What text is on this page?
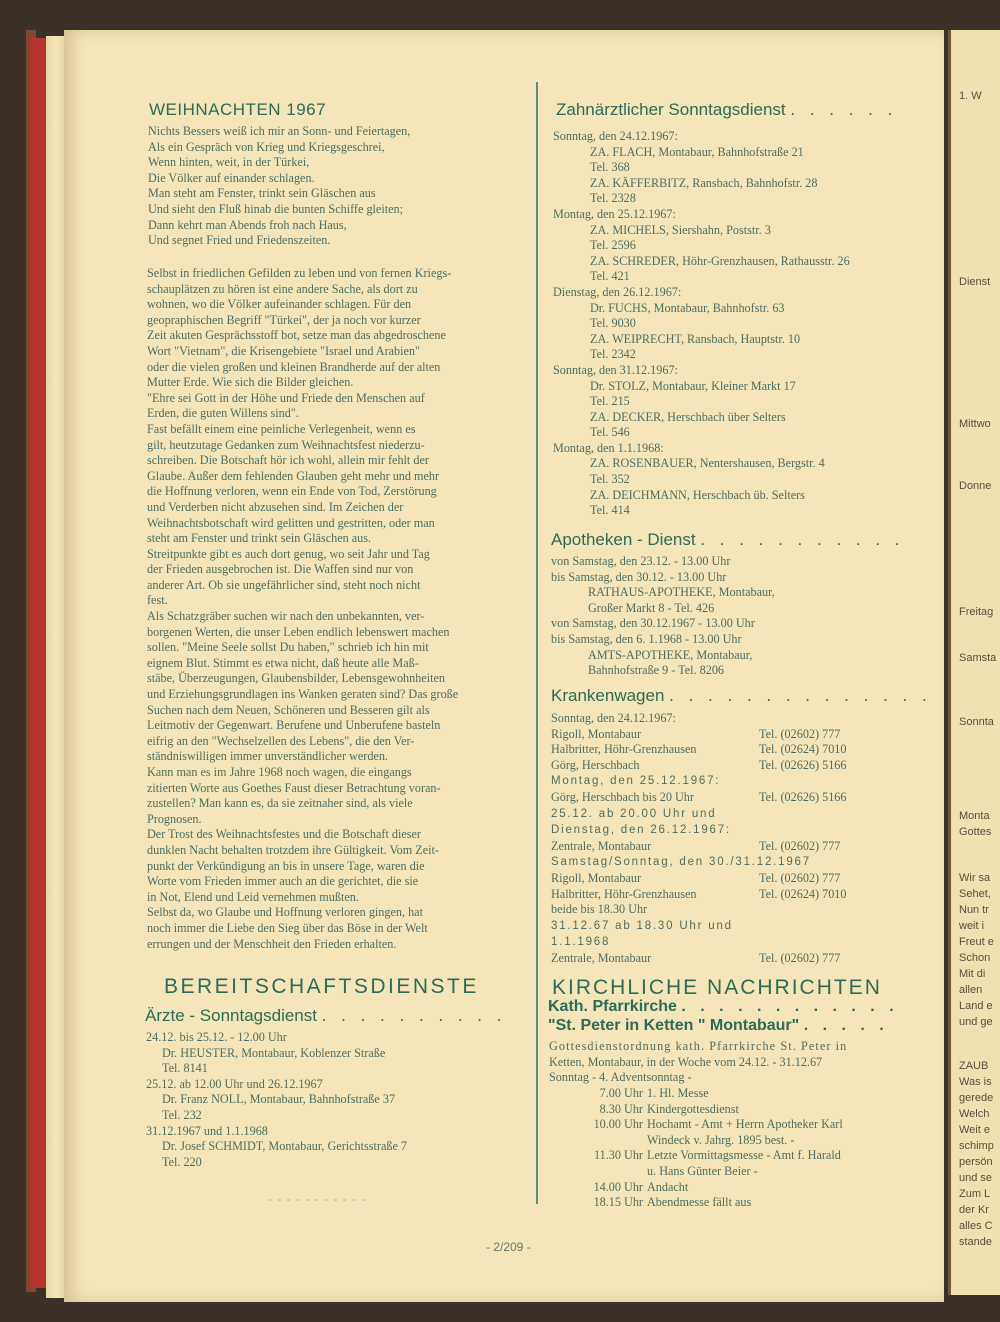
1. W
Dienst
Mittwo
Donne
Freitag
Samsta
Sonnta
Monta
Gottes
Wir sa
Sehet,
Nun tr
weit i
Freut e
Schon
Mit di
allen
Land e
und ge
ZAUB
Was is
gerede
Welch
Weit e
schimp
persön
und se
Zum L
der Kr
alles C
stande
WEIHNACHTEN 1967
Nichts Bessers weiß ich mir an Sonn- und Feiertagen,
Als ein Gespräch von Krieg und Kriegsgeschrei,
Wenn hinten, weit, in der Türkei,
Die Völker auf einander schlagen.
Man steht am Fenster, trinkt sein Gläschen aus
Und sieht den Fluß hinab die bunten Schiffe gleiten;
Dann kehrt man Abends froh nach Haus,
Und segnet Fried und Friedenszeiten.
Selbst in friedlichen Gefilden zu leben und von fernen Kriegs-
schauplätzen zu hören ist eine andere Sache, als dort zu
wohnen, wo die Völker aufeinander schlagen. Für den
geopraphischen Begriff "Türkei", der ja noch vor kurzer
Zeit akuten Gesprächsstoff bot, setze man das abgedroschene
Wort "Vietnam", die Krisengebiete "Israel und Arabien"
oder die vielen großen und kleinen Brandherde auf der alten
Mutter Erde. Wie sich die Bilder gleichen.
"Ehre sei Gott in der Höhe und Friede den Menschen auf
Erden, die guten Willens sind".
Fast befällt einem eine peinliche Verlegenheit, wenn es
gilt, heutzutage Gedanken zum Weihnachtsfest niederzu-
schreiben. Die Botschaft hör ich wohl, allein mir fehlt der
Glaube. Außer dem fehlenden Glauben geht mehr und mehr
die Hoffnung verloren, wenn ein Ende von Tod, Zerstörung
und Verderben nicht abzusehen sind. Im Zeichen der
Weihnachtsbotschaft wird gelitten und gestritten, oder man
steht am Fenster und trinkt sein Gläschen aus.
Streitpunkte gibt es auch dort genug, wo seit Jahr und Tag
der Frieden ausgebrochen ist. Die Waffen sind nur von
anderer Art. Ob sie ungefährlicher sind, steht noch nicht
fest.
Als Schatzgräber suchen wir nach den unbekannten, ver-
borgenen Werten, die unser Leben endlich lebenswert machen
sollen. "Meine Seele sollst Du haben," schrieb ich hin mit
eignem Blut. Stimmt es etwa nicht, daß heute alle Maß-
stäbe, Überzeugungen, Glaubensbilder, Lebensgewohnheiten
und Erziehungsgrundlagen ins Wanken geraten sind? Das große
Suchen nach dem Neuen, Schöneren und Besseren gilt als
Leitmotiv der Gegenwart. Berufene und Unberufene basteln
eifrig an den "Wechselzellen des Lebens", die den Ver-
ständniswilligen immer unverständlicher werden.
Kann man es im Jahre 1968 noch wagen, die eingangs
zitierten Worte aus Goethes Faust dieser Betrachtung voran-
zustellen? Man kann es, da sie zeitnaher sind, als viele
Prognosen.
Der Trost des Weihnachtsfestes und die Botschaft dieser
dunklen Nacht behalten trotzdem ihre Gültigkeit. Vom Zeit-
punkt der Verkündigung an bis in unsere Tage, waren die
Worte vom Frieden immer auch an die gerichtet, die sie
in Not, Elend und Leid vernehmen mußten.
Selbst da, wo Glaube und Hoffnung verloren gingen, hat
noch immer die Liebe den Sieg über das Böse in der Welt
errungen und der Menschheit den Frieden erhalten.
BEREITSCHAFTSDIENSTE
Ärzte - Sonntagsdienst . . . . . . . . . .
24.12. bis 25.12. - 12.00 Uhr
Dr. HEUSTER, Montabaur, Koblenzer Straße
Tel. 8141
25.12. ab 12.00 Uhr und 26.12.1967
Dr. Franz NOLL, Montabaur, Bahnhofstraße 37
Tel. 232
31.12.1967 und 1.1.1968
Dr. Josef SCHMIDT, Montabaur, Gerichtsstraße 7
Tel. 220
- - - - - - - - - - -
Zahnärztlicher Sonntagsdienst . . . . . .
Sonntag, den 24.12.1967:
ZA. FLACH, Montabaur, Bahnhofstraße 21
Tel. 368
ZA. KÄFFERBITZ, Ransbach, Bahnhofstr. 28
Tel. 2328
Montag, den 25.12.1967:
ZA. MICHELS, Siershahn, Poststr. 3
Tel. 2596
ZA. SCHREDER, Höhr-Grenzhausen, Rathausstr. 26
Tel. 421
Dienstag, den 26.12.1967:
Dr. FUCHS, Montabaur, Bahnhofstr. 63
Tel. 9030
ZA. WEIPRECHT, Ransbach, Hauptstr. 10
Tel. 2342
Sonntag, den 31.12.1967:
Dr. STOLZ, Montabaur, Kleiner Markt 17
Tel. 215
ZA. DECKER, Herschbach über Selters
Tel. 546
Montag, den 1.1.1968:
ZA. ROSENBAUER, Nentershausen, Bergstr. 4
Tel. 352
ZA. DEICHMANN, Herschbach üb. Selters
Tel. 414
Apotheken - Dienst . . . . . . . . . . .
von Samstag, den 23.12. - 13.00 Uhr
bis Samstag, den 30.12. - 13.00 Uhr
RATHAUS-APOTHEKE, Montabaur,
Großer Markt 8 - Tel. 426
von Samstag, den 30.12.1967 - 13.00 Uhr
bis Samstag, den 6. 1.1968 - 13.00 Uhr
AMTS-APOTHEKE, Montabaur,
Bahnhofstraße 9 - Tel. 8206
Krankenwagen . . . . . . . . . . . . . .
Sonntag, den 24.12.1967:
Rigoll, Montabaur	Tel. (02602) 777
Halbritter, Höhr-Grenzhausen	Tel. (02624) 7010
Görg, Herschbach	Tel. (02626) 5166
Montag, den 25.12.1967:
Görg, Herschbach bis 20 Uhr	Tel. (02626) 5166
25.12. ab 20.00 Uhr und
Dienstag, den 26.12.1967:
Zentrale, Montabaur	Tel. (02602) 777
Samstag/Sonntag, den 30./31.12.1967
Rigoll, Montabaur	Tel. (02602) 777
Halbritter, Höhr-Grenzhausen	Tel. (02624) 7010
beide bis 18.30 Uhr
31.12.67 ab 18.30 Uhr und
1.1.1968
Zentrale, Montabaur	Tel. (02602) 777
KIRCHLICHE NACHRICHTEN
Kath. Pfarrkirche . . . . . . . . . . . .
"St. Peter in Ketten " Montabaur" . . . . .
Gottesdienstordnung kath. Pfarrkirche St. Peter in
Ketten, Montabaur, in der Woche vom 24.12. - 31.12.67
Sonntag - 4. Adventsonntag -
7.00 Uhr 1. Hl. Messe
8.30 Uhr Kindergottesdienst
10.00 Uhr Hochamt - Amt + Herrn Apotheker Karl
Windeck v. Jahrg. 1895 best. -
11.30 Uhr Letzte Vormittagsmesse - Amt f. Harald
u. Hans Günter Beier -
14.00 Uhr Andacht
18.15 Uhr Abendmesse fällt aus
- 2/209 -
